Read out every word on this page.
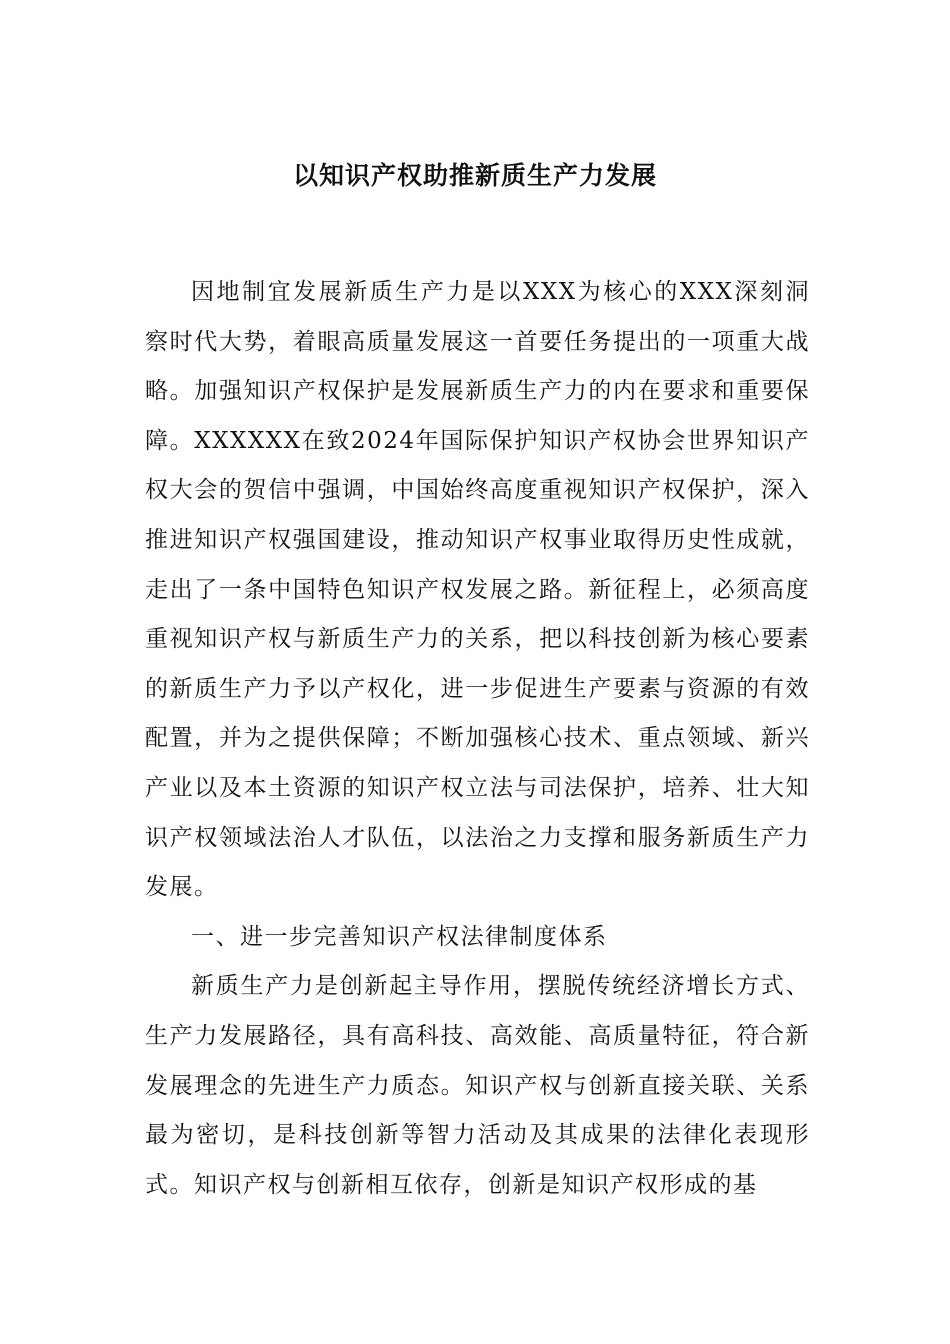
以知识产权助推新质生产力发展

因地制宜发展新质生产力是以XXX为核心的XXX深刻洞察时代大势，着眼高质量发展这一首要任务提出的一项重大战略。加强知识产权保护是发展新质生产力的内在要求和重要保障。XXXXXX在致2024年国际保护知识产权协会世界知识产权大会的贺信中强调，中国始终高度重视知识产权保护，深入推进知识产权强国建设，推动知识产权事业取得历史性成就，走出了一条中国特色知识产权发展之路。新征程上，必须高度重视知识产权与新质生产力的关系，把以科技创新为核心要素的新质生产力予以产权化，进一步促进生产要素与资源的有效配置，并为之提供保障；不断加强核心技术、重点领域、新兴产业以及本土资源的知识产权立法与司法保护，培养、壮大知识产权领域法治人才队伍，以法治之力支撑和服务新质生产力发展。

一、进一步完善知识产权法律制度体系

新质生产力是创新起主导作用，摆脱传统经济增长方式、生产力发展路径，具有高科技、高效能、高质量特征，符合新发展理念的先进生产力质态。知识产权与创新直接关联、关系最为密切，是科技创新等智力活动及其成果的法律化表现形式。知识产权与创新相互依存，创新是知识产权形成的基
